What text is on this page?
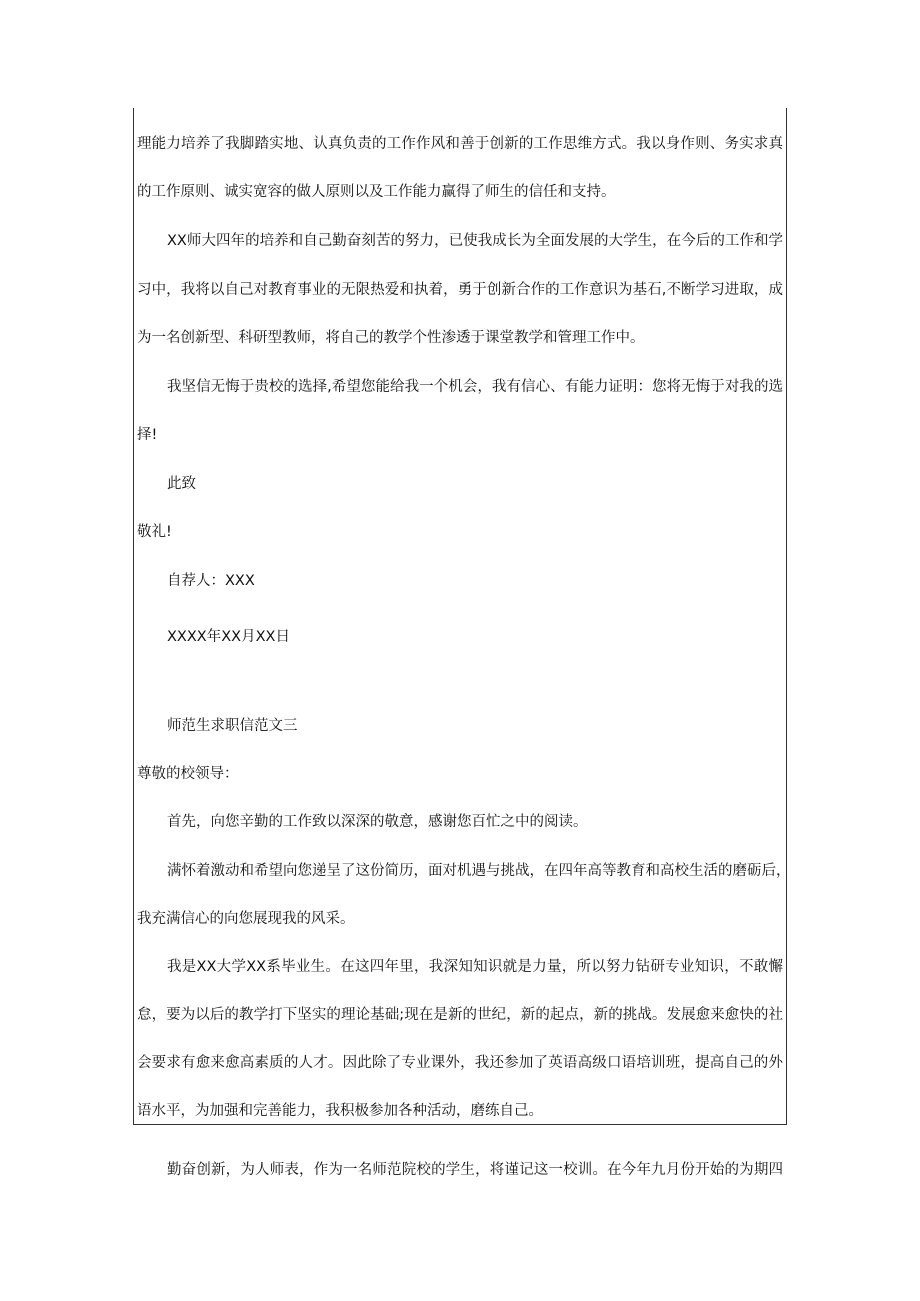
理能力培养了我脚踏实地、认真负责的工作作风和善于创新的工作思维方式。我以身作则、务实求真
的工作原则、诚实宽容的做人原则以及工作能力赢得了师生的信任和支持。
XX师大四年的培养和自己勤奋刻苦的努力，已使我成长为全面发展的大学生，在今后的工作和学
习中，我将以自己对教育事业的无限热爱和执着，勇于创新合作的工作意识为基石,不断学习进取，成
为一名创新型、科研型教师，将自己的教学个性渗透于课堂教学和管理工作中。
我坚信无悔于贵校的选择,希望您能给我一个机会，我有信心、有能力证明：您将无悔于对我的选
择!
此致
敬礼!
自荐人：XXX
XXXX年XX月XX日
师范生求职信范文三
尊敬的校领导：
首先，向您辛勤的工作致以深深的敬意，感谢您百忙之中的阅读。
满怀着激动和希望向您递呈了这份简历，面对机遇与挑战，在四年高等教育和高校生活的磨砺后，
我充满信心的向您展现我的风采。
我是XX大学XX系毕业生。在这四年里，我深知知识就是力量，所以努力钻研专业知识，不敢懈
怠，要为以后的教学打下坚实的理论基础;现在是新的世纪，新的起点，新的挑战。发展愈来愈快的社
会要求有愈来愈高素质的人才。因此除了专业课外，我还参加了英语高级口语培训班，提高自己的外
语水平，为加强和完善能力，我积极参加各种活动，磨练自己。
勤奋创新，为人师表，作为一名师范院校的学生，将谨记这一校训。在今年九月份开始的为期四
